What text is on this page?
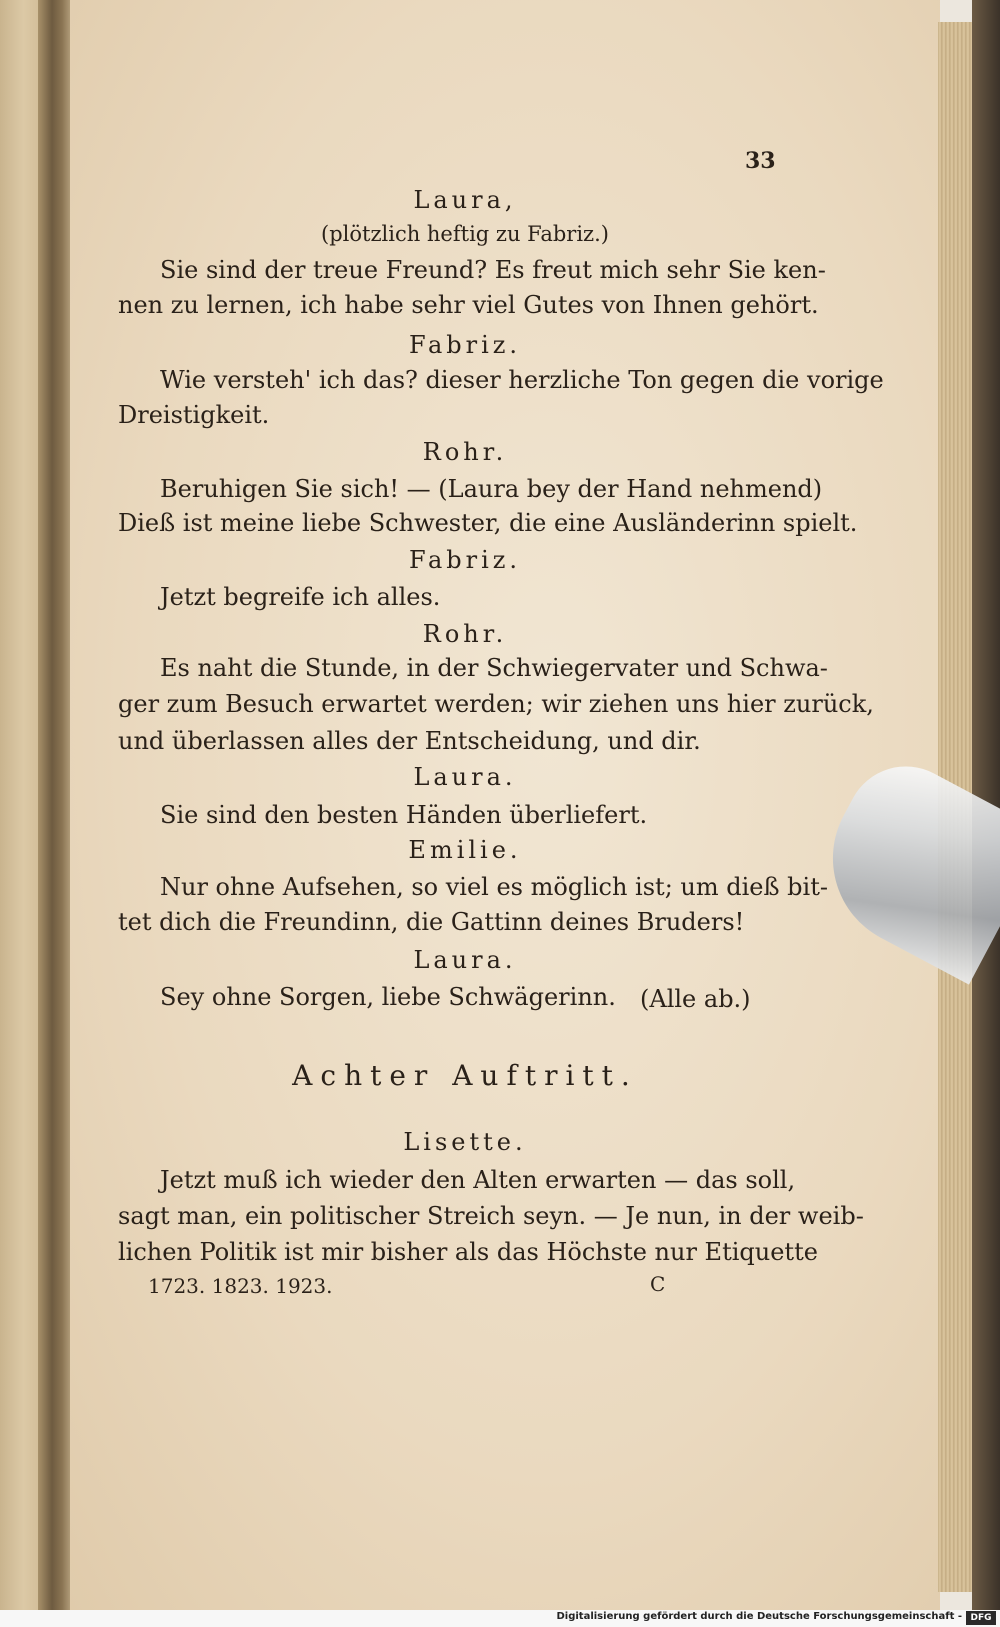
33
Laura,
(plötzlich heftig zu Fabriz.)
Sie sind der treue Freund? Es freut mich sehr Sie ken-
nen zu lernen, ich habe sehr viel Gutes von Ihnen gehört.
Fabriz.
Wie versteh' ich das? dieser herzliche Ton gegen die vorige
Dreistigkeit.
Rohr.
Beruhigen Sie sich! — (Laura bey der Hand nehmend)
Dieß ist meine liebe Schwester, die eine Ausländerinn spielt.
Fabriz.
Jetzt begreife ich alles.
Rohr.
Es naht die Stunde, in der Schwiegervater und Schwa-
ger zum Besuch erwartet werden; wir ziehen uns hier zurück,
und überlassen alles der Entscheidung, und dir.
Laura.
Sie sind den besten Händen überliefert.
Emilie.
Nur ohne Aufsehen, so viel es möglich ist; um dieß bit-
tet dich die Freundinn, die Gattinn deines Bruders!
Laura.
Sey ohne Sorgen, liebe Schwägerinn. (Alle ab.)
Achter Auftritt.
Lisette.
Jetzt muß ich wieder den Alten erwarten — das soll,
sagt man, ein politischer Streich seyn. — Je nun, in der weib-
lichen Politik ist mir bisher als das Höchste nur Etiquette
1723. 1823. 1923.	C
Digitalisierung gefördert durch die Deutsche Forschungsgemeinschaft - DFG
